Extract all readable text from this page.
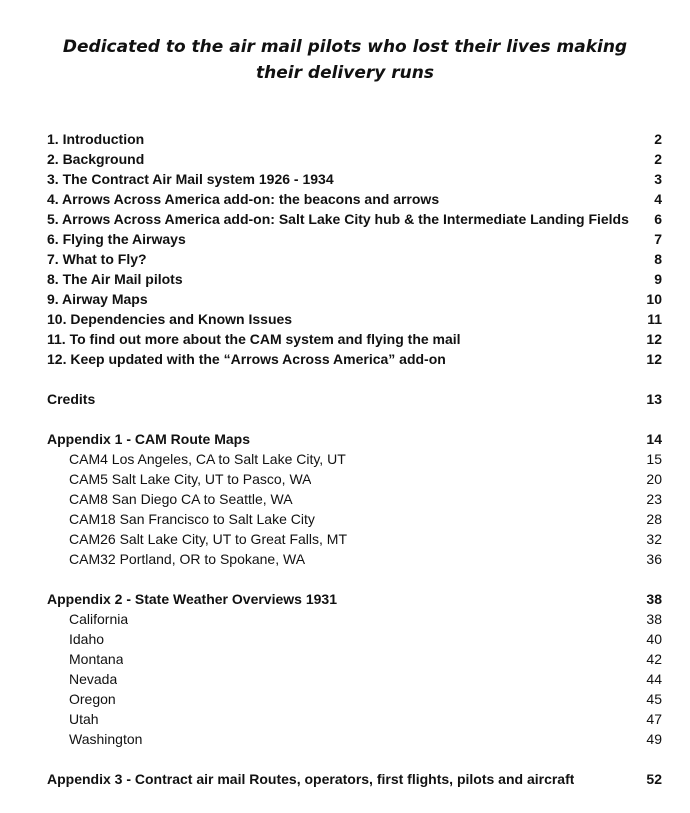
Dedicated to the air mail pilots who lost their lives making their delivery runs
1. Introduction	2
2. Background	2
3. The Contract Air Mail system 1926 - 1934	3
4. Arrows Across America add-on: the beacons and arrows	4
5. Arrows Across America add-on: Salt Lake City hub & the Intermediate Landing Fields	6
6. Flying the Airways	7
7. What to Fly?	8
8. The Air Mail pilots	9
9. Airway Maps	10
10. Dependencies and Known Issues	11
11. To find out more about the CAM system and flying the mail	12
12. Keep updated with the “Arrows Across America” add-on	12
Credits	13
Appendix 1 - CAM Route Maps	14
CAM4 Los Angeles, CA to Salt Lake City, UT	15
CAM5 Salt Lake City, UT to Pasco, WA	20
CAM8 San Diego CA to Seattle, WA	23
CAM18 San Francisco to Salt Lake City	28
CAM26 Salt Lake City, UT to Great Falls, MT	32
CAM32 Portland, OR to Spokane, WA	36
Appendix 2 - State Weather Overviews 1931	38
California	38
Idaho	40
Montana	42
Nevada	44
Oregon	45
Utah	47
Washington	49
Appendix 3 - Contract air mail Routes, operators, first flights, pilots and aircraft	52
